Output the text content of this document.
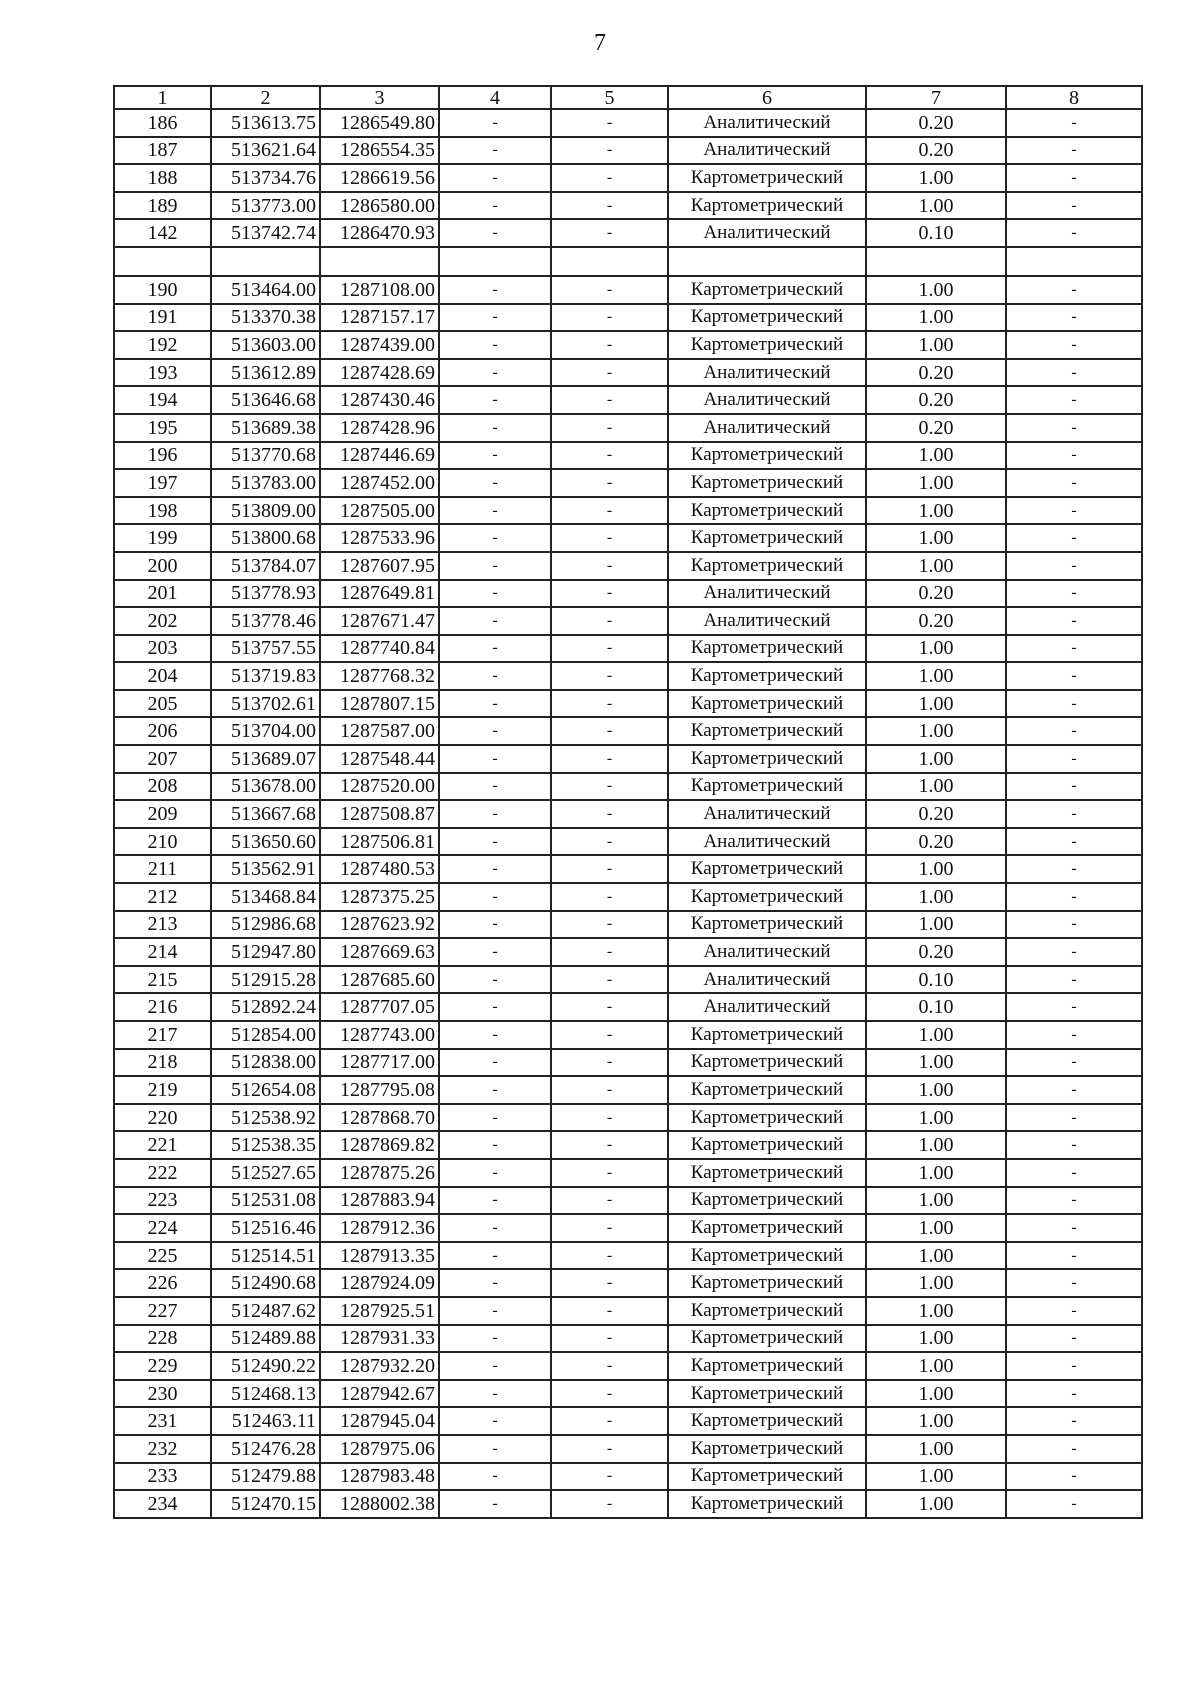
7
1	2	3	4	5	6	7	8
186	513613.75	1286549.80	-	-	Аналитический	0.20	-
187	513621.64	1286554.35	-	-	Аналитический	0.20	-
188	513734.76	1286619.56	-	-	Картометрический	1.00	-
189	513773.00	1286580.00	-	-	Картометрический	1.00	-
142	513742.74	1286470.93	-	-	Аналитический	0.10	-

190	513464.00	1287108.00	-	-	Картометрический	1.00	-
191	513370.38	1287157.17	-	-	Картометрический	1.00	-
192	513603.00	1287439.00	-	-	Картометрический	1.00	-
193	513612.89	1287428.69	-	-	Аналитический	0.20	-
194	513646.68	1287430.46	-	-	Аналитический	0.20	-
195	513689.38	1287428.96	-	-	Аналитический	0.20	-
196	513770.68	1287446.69	-	-	Картометрический	1.00	-
197	513783.00	1287452.00	-	-	Картометрический	1.00	-
198	513809.00	1287505.00	-	-	Картометрический	1.00	-
199	513800.68	1287533.96	-	-	Картометрический	1.00	-
200	513784.07	1287607.95	-	-	Картометрический	1.00	-
201	513778.93	1287649.81	-	-	Аналитический	0.20	-
202	513778.46	1287671.47	-	-	Аналитический	0.20	-
203	513757.55	1287740.84	-	-	Картометрический	1.00	-
204	513719.83	1287768.32	-	-	Картометрический	1.00	-
205	513702.61	1287807.15	-	-	Картометрический	1.00	-
206	513704.00	1287587.00	-	-	Картометрический	1.00	-
207	513689.07	1287548.44	-	-	Картометрический	1.00	-
208	513678.00	1287520.00	-	-	Картометрический	1.00	-
209	513667.68	1287508.87	-	-	Аналитический	0.20	-
210	513650.60	1287506.81	-	-	Аналитический	0.20	-
211	513562.91	1287480.53	-	-	Картометрический	1.00	-
212	513468.84	1287375.25	-	-	Картометрический	1.00	-
213	512986.68	1287623.92	-	-	Картометрический	1.00	-
214	512947.80	1287669.63	-	-	Аналитический	0.20	-
215	512915.28	1287685.60	-	-	Аналитический	0.10	-
216	512892.24	1287707.05	-	-	Аналитический	0.10	-
217	512854.00	1287743.00	-	-	Картометрический	1.00	-
218	512838.00	1287717.00	-	-	Картометрический	1.00	-
219	512654.08	1287795.08	-	-	Картометрический	1.00	-
220	512538.92	1287868.70	-	-	Картометрический	1.00	-
221	512538.35	1287869.82	-	-	Картометрический	1.00	-
222	512527.65	1287875.26	-	-	Картометрический	1.00	-
223	512531.08	1287883.94	-	-	Картометрический	1.00	-
224	512516.46	1287912.36	-	-	Картометрический	1.00	-
225	512514.51	1287913.35	-	-	Картометрический	1.00	-
226	512490.68	1287924.09	-	-	Картометрический	1.00	-
227	512487.62	1287925.51	-	-	Картометрический	1.00	-
228	512489.88	1287931.33	-	-	Картометрический	1.00	-
229	512490.22	1287932.20	-	-	Картометрический	1.00	-
230	512468.13	1287942.67	-	-	Картометрический	1.00	-
231	512463.11	1287945.04	-	-	Картометрический	1.00	-
232	512476.28	1287975.06	-	-	Картометрический	1.00	-
233	512479.88	1287983.48	-	-	Картометрический	1.00	-
234	512470.15	1288002.38	-	-	Картометрический	1.00	-
